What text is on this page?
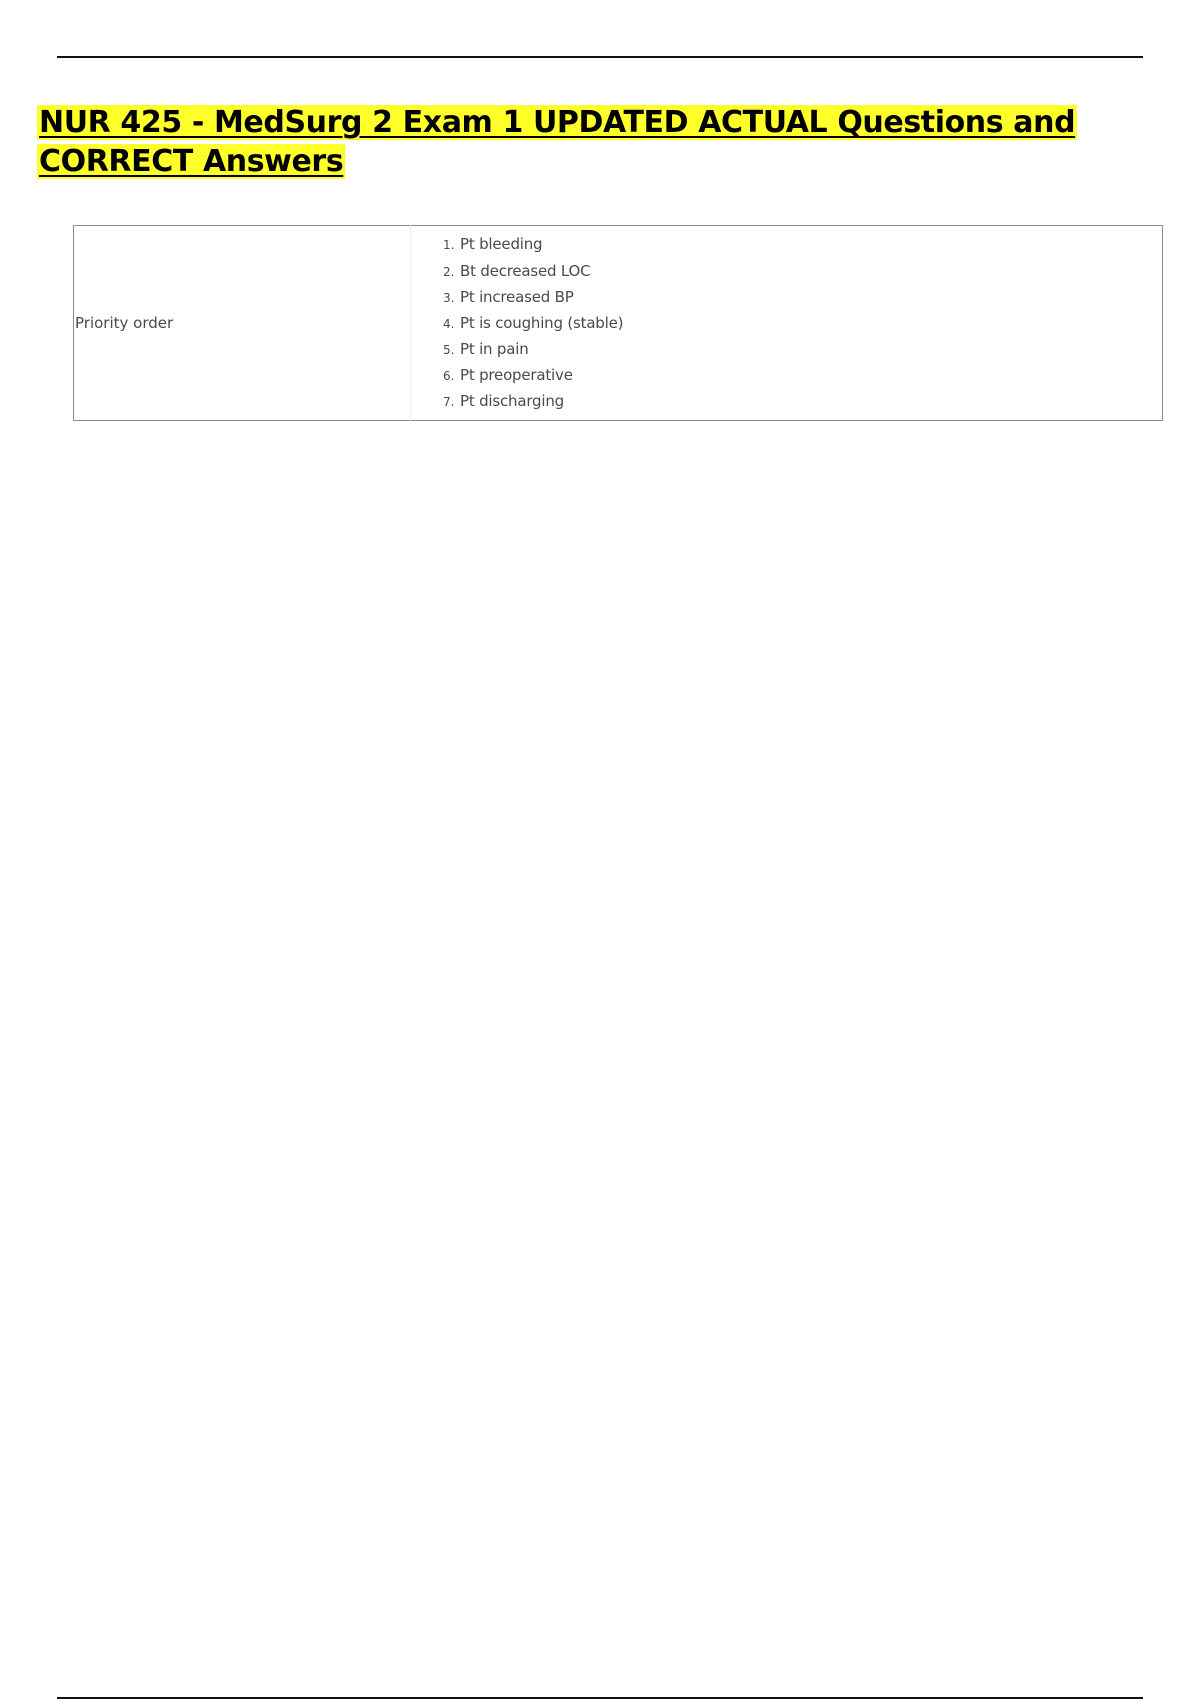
NUR 425 - MedSurg 2 Exam 1 UPDATED ACTUAL Questions and CORRECT Answers
Priority order	
1. Pt bleeding
2. Bt decreased LOC
3. Pt increased BP
4. Pt is coughing (stable)
5. Pt in pain
6. Pt preoperative
7. Pt discharging
